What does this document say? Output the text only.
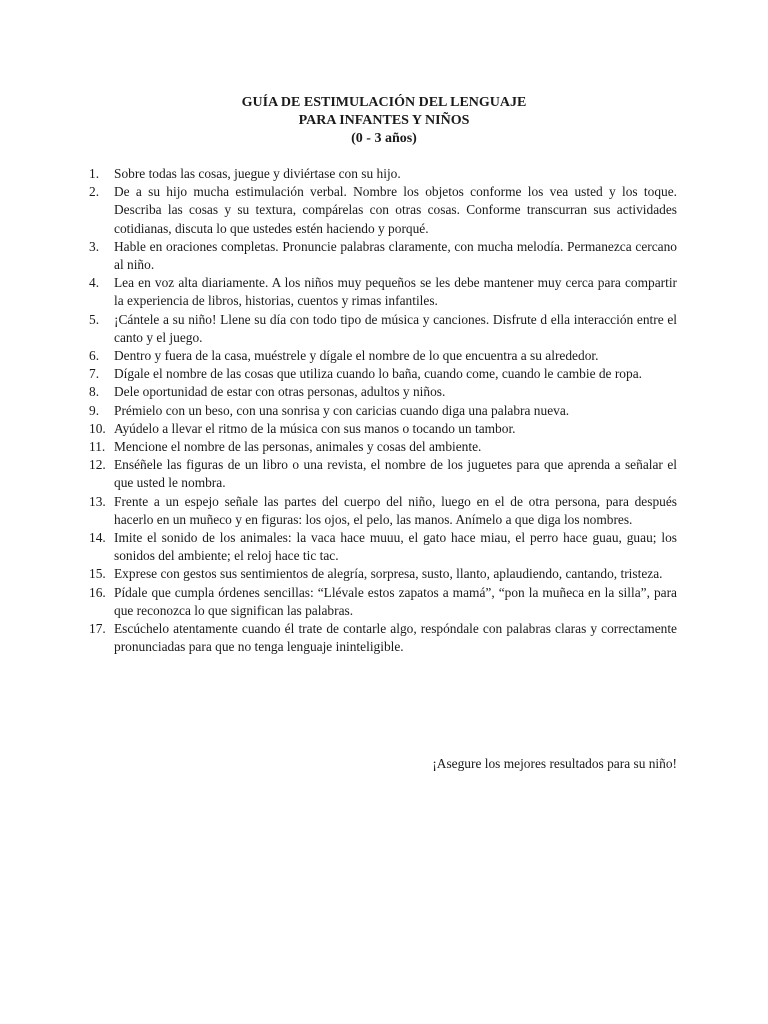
GUÍA DE ESTIMULACIÓN DEL LENGUAJE
PARA INFANTES Y NIÑOS
(0 - 3 años)
1.	Sobre todas las cosas, juegue y diviértase con su hijo.
2.	De a su hijo mucha estimulación verbal. Nombre los objetos conforme los vea usted y los toque. Describa las cosas y su textura, compárelas con otras cosas. Conforme transcurran sus actividades cotidianas, discuta lo que ustedes estén haciendo y porqué.
3.	Hable en oraciones completas. Pronuncie palabras claramente, con mucha melodía. Permanezca cercano al niño.
4.	Lea en voz alta diariamente. A los niños muy pequeños se les debe mantener muy cerca para compartir la experiencia de libros, historias, cuentos y rimas infantiles.
5.	¡Cántele a su niño! Llene su día con todo tipo de música y canciones. Disfrute d ella interacción entre el canto y el juego.
6.	Dentro y fuera de la casa, muéstrele y dígale el nombre de lo que encuentra a su alrededor.
7.	Dígale el nombre de las cosas que utiliza cuando lo baña, cuando come, cuando le cambie de ropa.
8.	Dele oportunidad de estar con otras personas, adultos y niños.
9.	Prémielo con un beso, con una sonrisa y con caricias cuando diga una palabra nueva.
10. Ayúdelo a llevar el ritmo de la música con sus manos o tocando un tambor.
11. Mencione el nombre de las personas, animales y cosas del ambiente.
12. Enséñele las figuras de un libro o una revista, el nombre de los juguetes para que aprenda a señalar el que usted le nombra.
13. Frente a un espejo señale las partes del cuerpo del niño, luego en el de otra persona, para después hacerlo en un muñeco y en figuras: los ojos, el pelo, las manos. Anímelo a que diga los nombres.
14. Imite el sonido de los animales: la vaca hace muuu, el gato hace miau, el perro hace guau, guau; los sonidos del ambiente; el reloj hace tic tac.
15. Exprese con gestos sus sentimientos de alegría, sorpresa, susto, llanto, aplaudiendo, cantando, tristeza.
16. Pídale que cumpla órdenes sencillas: “Llévale estos zapatos a mamá”, “pon la muñeca en la silla”, para que reconozca lo que significan las palabras.
17. Escúchelo atentamente cuando él trate de contarle algo, respóndale con palabras claras y correctamente pronunciadas para que no tenga lenguaje ininteligible.
¡Asegure los mejores resultados para su niño!
